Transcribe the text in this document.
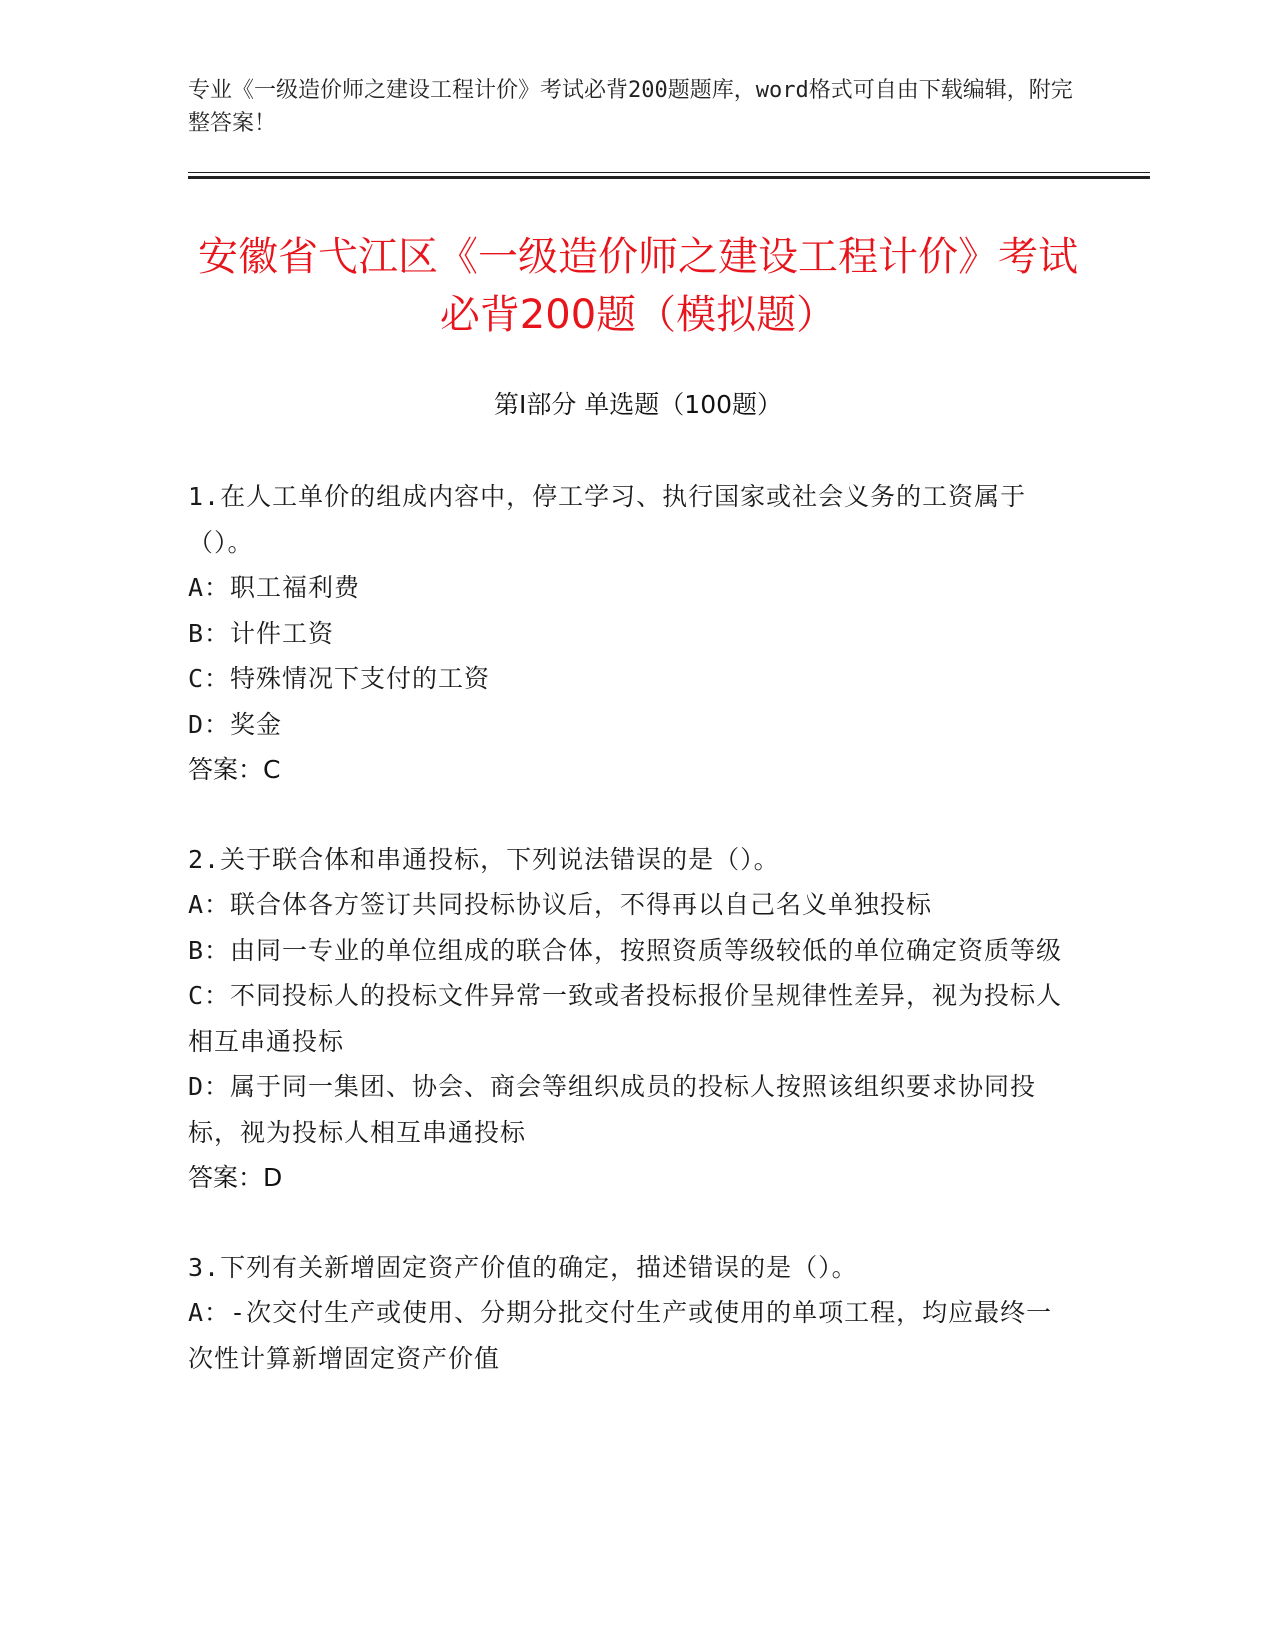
专业《一级造价师之建设工程计价》考试必背200题题库，word格式可自由下载编辑，附完整答案！
安徽省弋江区《一级造价师之建设工程计价》考试必背200题（模拟题）
第Ⅰ部分 单选题（100题）
1.在人工单价的组成内容中，停工学习、执行国家或社会义务的工资属于（）。
A：职工福利费
B：计件工资
C：特殊情况下支付的工资
D：奖金
答案：C
2.关于联合体和串通投标，下列说法错误的是（）。
A：联合体各方签订共同投标协议后，不得再以自己名义单独投标
B：由同一专业的单位组成的联合体，按照资质等级较低的单位确定资质等级
C：不同投标人的投标文件异常一致或者投标报价呈规律性差异，视为投标人相互串通投标
D：属于同一集团、协会、商会等组织成员的投标人按照该组织要求协同投标，视为投标人相互串通投标
答案：D
3.下列有关新增固定资产价值的确定，描述错误的是（）。
A：-次交付生产或使用、分期分批交付生产或使用的单项工程，均应最终一次性计算新增固定资产价值
